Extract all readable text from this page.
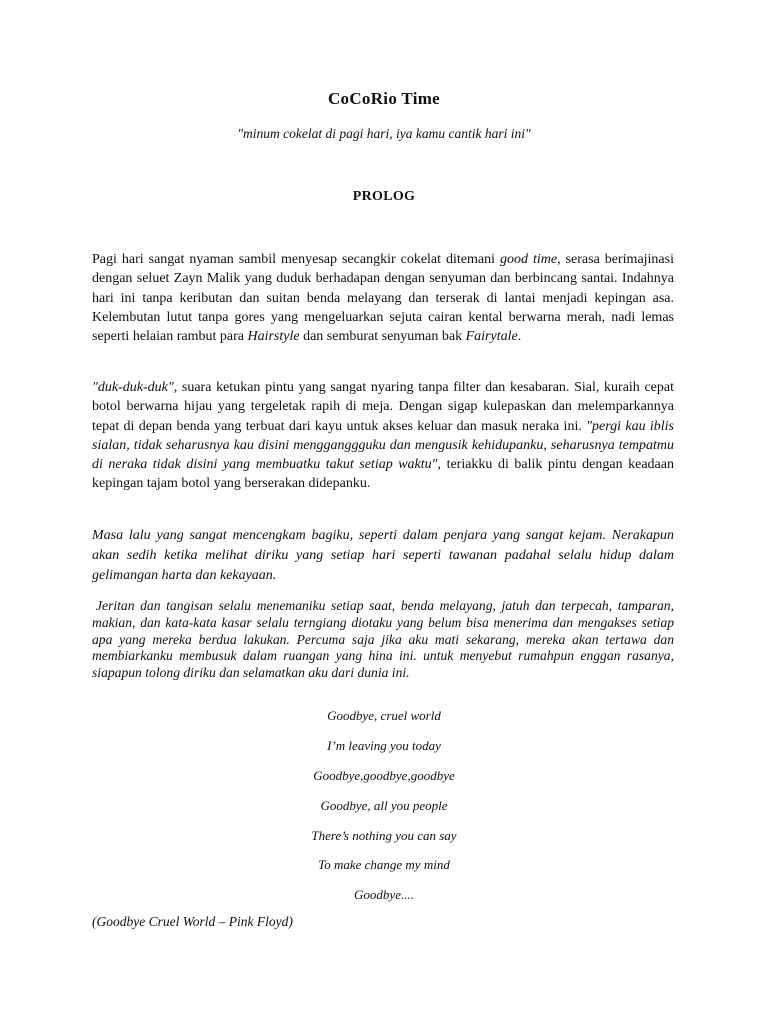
CoCoRio Time
"minum cokelat di pagi hari, iya kamu cantik hari ini"
PROLOG
Pagi hari sangat nyaman sambil menyesap secangkir cokelat ditemani good time, serasa berimajinasi dengan seluet Zayn Malik yang duduk berhadapan dengan senyuman dan berbincang santai. Indahnya hari ini tanpa keributan dan suitan benda melayang dan terserak di lantai menjadi kepingan asa. Kelembutan lutut tanpa gores yang mengeluarkan sejuta cairan kental berwarna merah, nadi lemas seperti helaian rambut para Hairstyle dan semburat senyuman bak Fairytale.
"duk-duk-duk", suara ketukan pintu yang sangat nyaring tanpa filter dan kesabaran. Sial, kuraih cepat botol berwarna hijau yang tergeletak rapih di meja. Dengan sigap kulepaskan dan melemparkannya tepat di depan benda yang terbuat dari kayu untuk akses keluar dan masuk neraka ini. "pergi kau iblis sialan, tidak seharusnya kau disini mengganggguku dan mengusik kehidupanku, seharusnya tempatmu di neraka tidak disini yang membuatku takut setiap waktu", teriakku di balik pintu dengan keadaan kepingan tajam botol yang berserakan didepanku.
Masa lalu yang sangat mencengkam bagiku, seperti dalam penjara yang sangat kejam. Nerakapun akan sedih ketika melihat diriku yang setiap hari seperti tawanan padahal selalu hidup dalam gelimangan harta dan kekayaan.
Jeritan dan tangisan selalu menemaniku setiap saat, benda melayang, jatuh dan terpecah, tamparan, makian, dan kata-kata kasar selalu terngiang diotaku yang belum bisa menerima dan mengakses setiap apa yang mereka berdua lakukan. Percuma saja jika aku mati sekarang, mereka akan tertawa dan membiarkanku membusuk dalam ruangan yang hina ini. untuk menyebut rumahpun enggan rasanya, siapapun tolong diriku dan selamatkan aku dari dunia ini.
Goodbye, cruel world
I’m leaving you today
Goodbye,goodbye,goodbye
Goodbye, all you people
There’s nothing you can say
To make change my mind
Goodbye....
(Goodbye Cruel World – Pink Floyd)
